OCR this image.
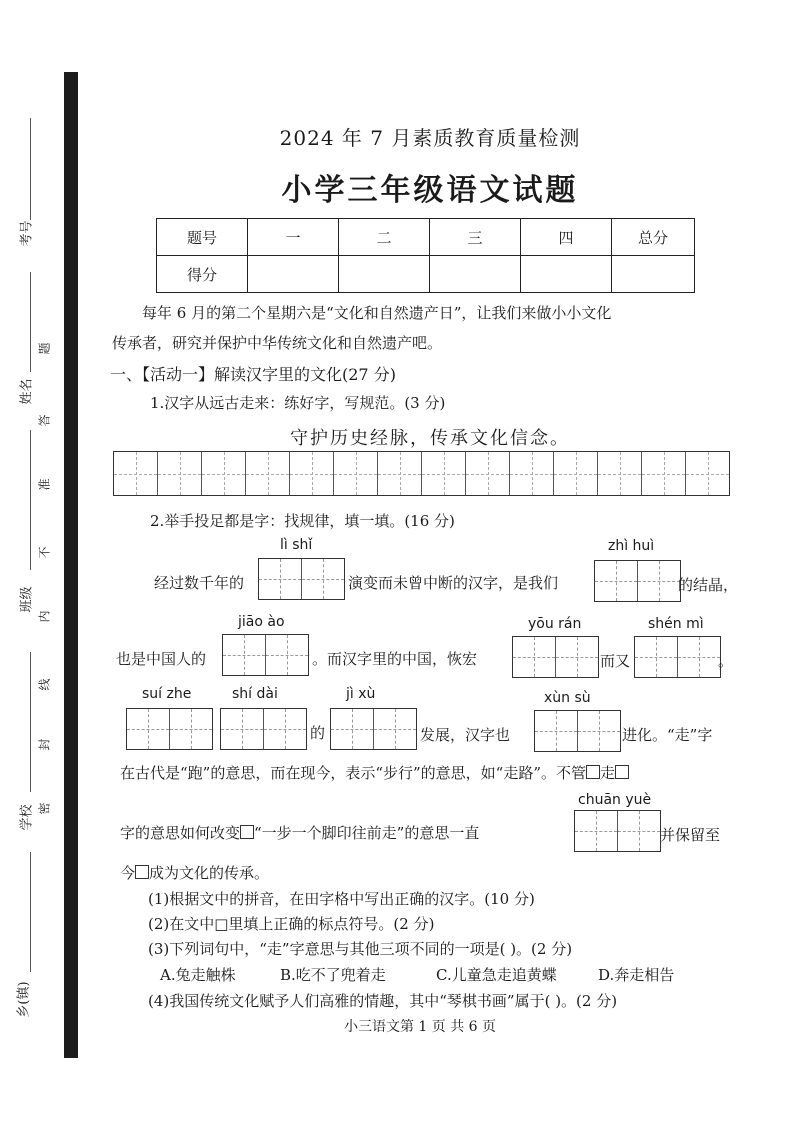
考号
姓名
班级
学校
乡(镇)
题
答
准
不
内
线
封
密
2024 年 7 月素质教育质量检测
小学三年级语文试题
题号	一	二	三	四	总分
得分					
每年 6 月的第二个星期六是“文化和自然遗产日”，让我们来做小小文化
传承者，研究并保护中华传统文化和自然遗产吧。
一、【活动一】解读汉字里的文化(27 分)
1.汉字从远古走来：练好字，写规范。(3 分)
守护历史经脉，传承文化信念。
2.举手投足都是字：找规律，填一填。(16 分)
lì shǐ	zhì huì
经过数千年的	演变而未曾中断的汉字，是我们	的结晶，
jiāo ào	yōu rán	shén mì
也是中国人的	。而汉字里的中国，恢宏	而又	。
suí zhe	shí dài	jì xù	xùn sù
的	发展，汉字也	进化。“走”字
在古代是“跑”的意思，而在现今，表示“步行”的意思，如“走路”。不管 走
chuān yuè
字的意思如何改变 “一步一个脚印往前走”的意思一直	并保留至
今 成为文化的传承。
(1)根据文中的拼音，在田字格中写出正确的汉字。(10 分)
(2)在文中□里填上正确的标点符号。(2 分)
(3)下列词句中，“走”字意思与其他三项不同的一项是( )。(2 分)
A.兔走触株	B.吃不了兜着走	C.儿童急走追黄蝶	D.奔走相告
(4)我国传统文化赋予人们高雅的情趣，其中“琴棋书画”属于( )。(2 分)
小三语文第 1 页 共 6 页
